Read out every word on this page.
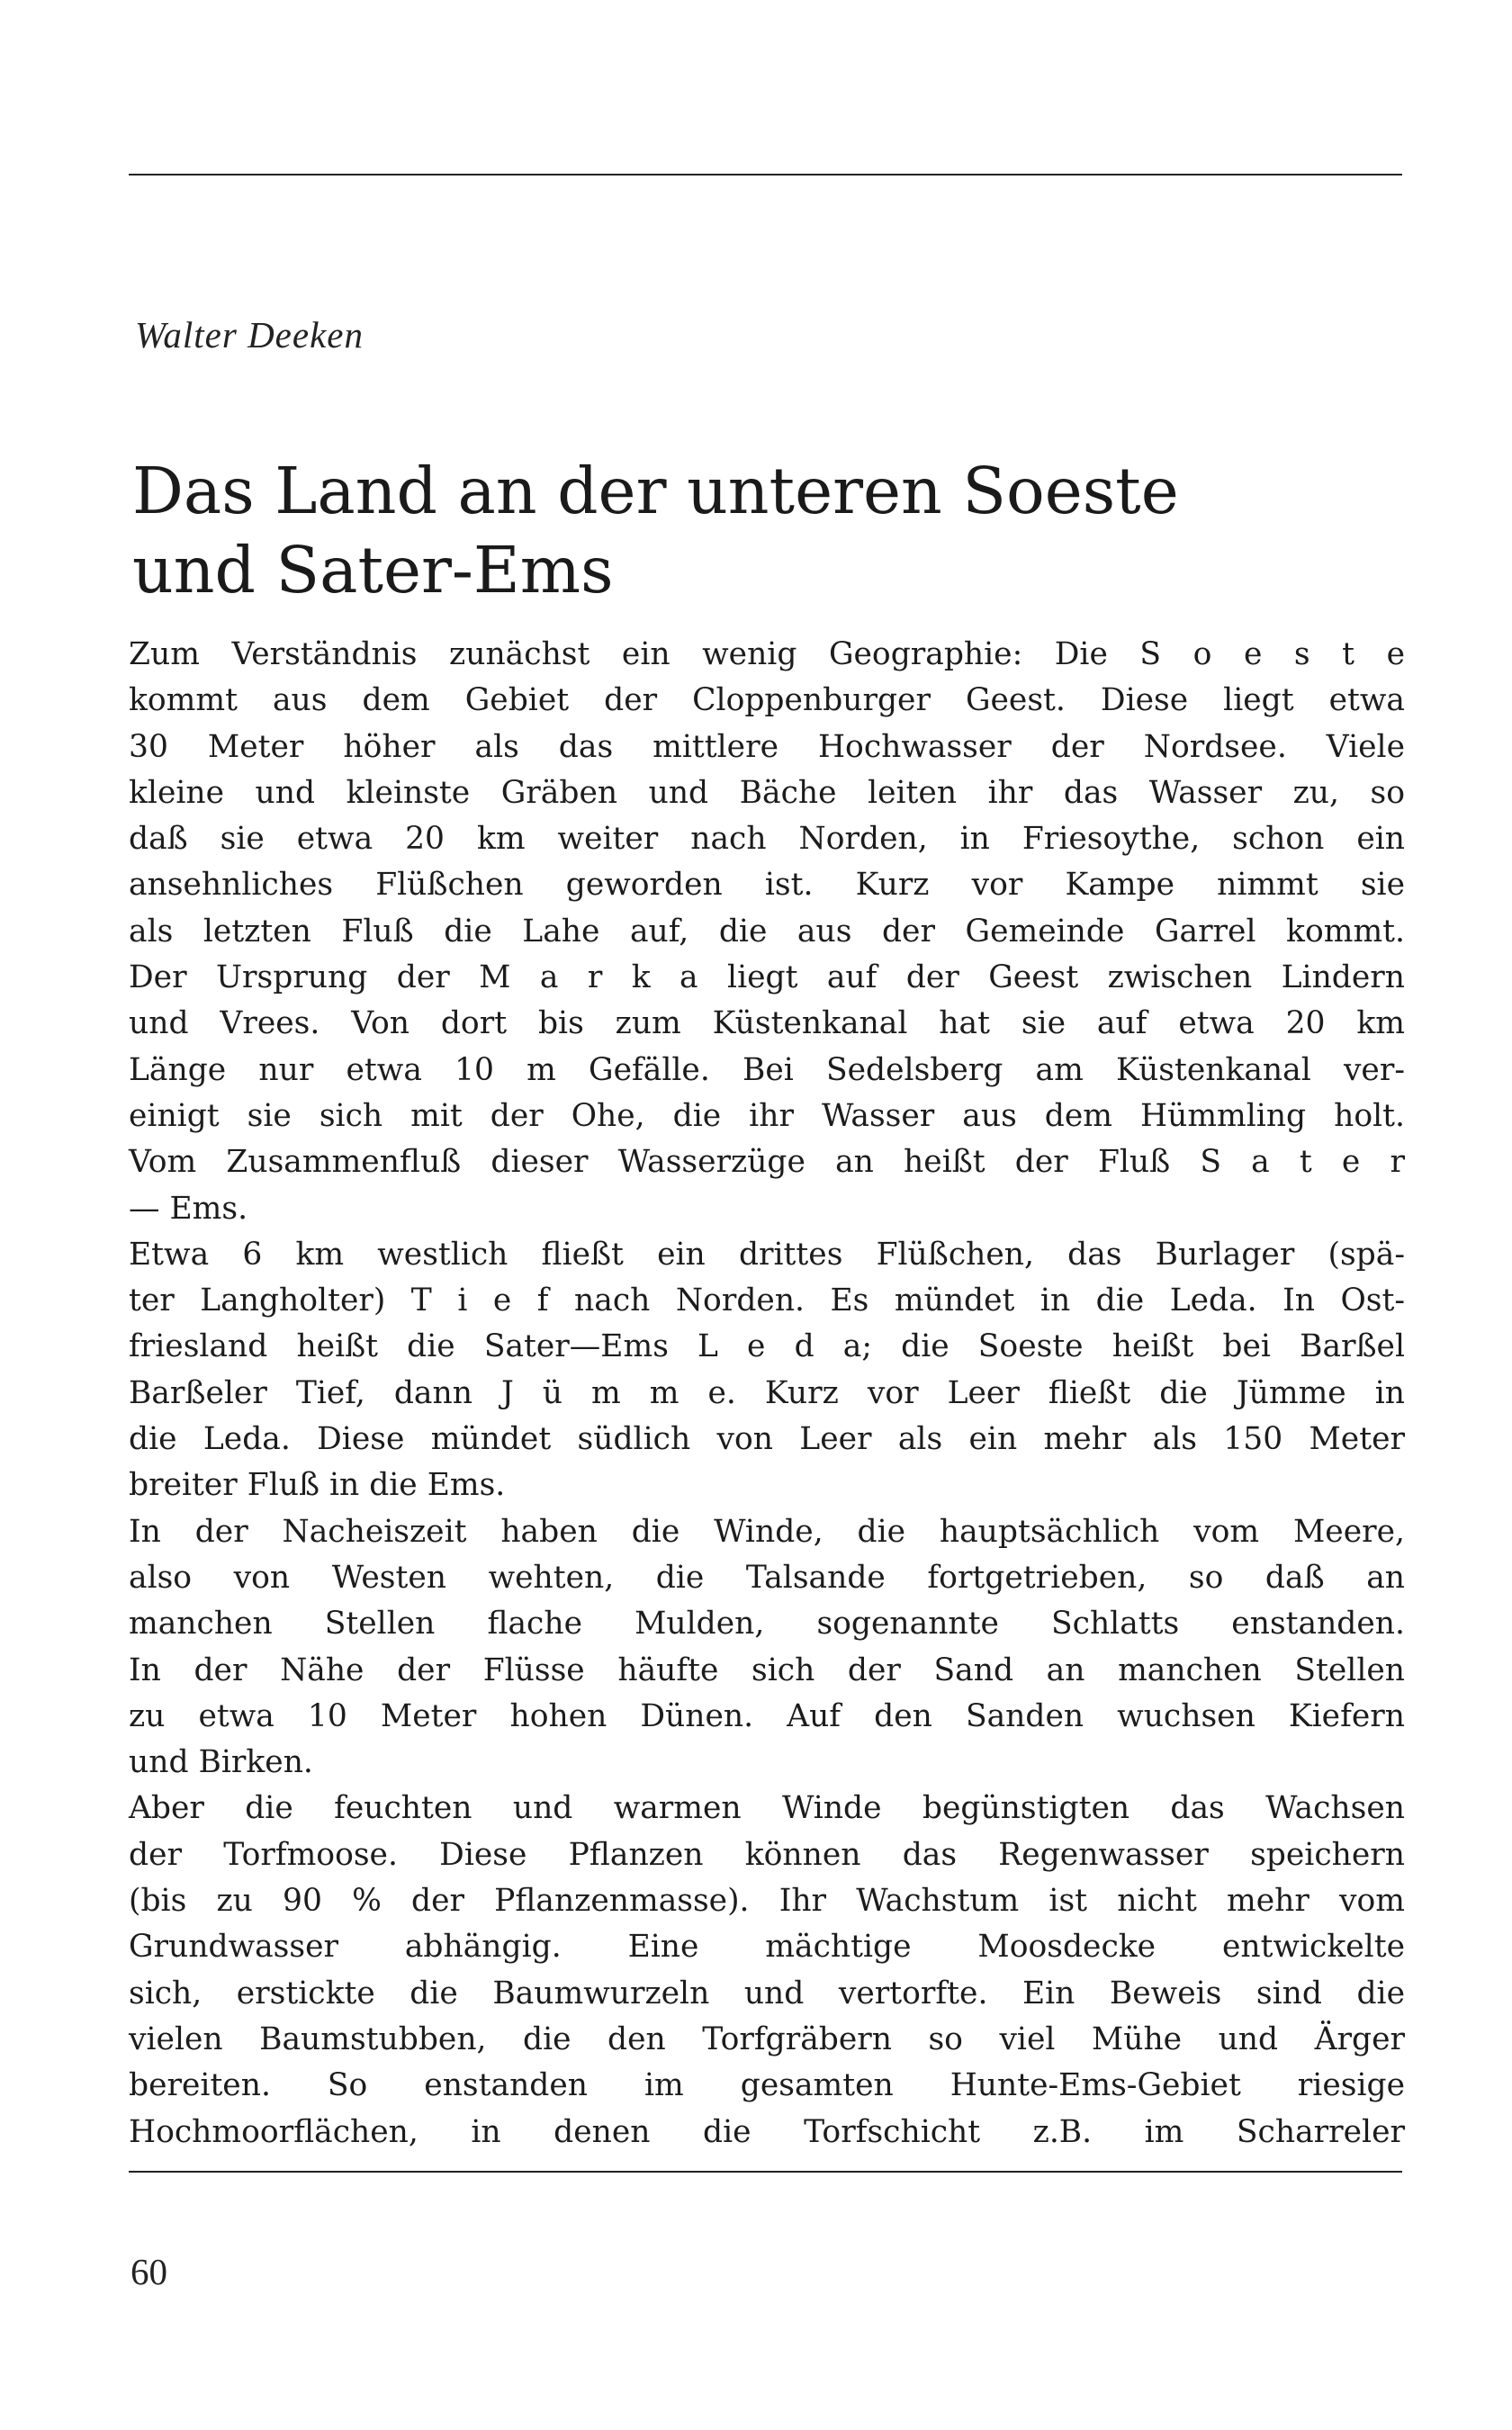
Walter Deeken
Das Land an der unteren Soeste
und Sater-Ems
Zum Verständnis zunächst ein wenig Geographie: Die S o e s t e
kommt aus dem Gebiet der Cloppenburger Geest. Diese liegt etwa
30 Meter höher als das mittlere Hochwasser der Nordsee. Viele
kleine und kleinste Gräben und Bäche leiten ihr das Wasser zu, so
daß sie etwa 20 km weiter nach Norden, in Friesoythe, schon ein
ansehnliches Flüßchen geworden ist. Kurz vor Kampe nimmt sie
als letzten Fluß die Lahe auf, die aus der Gemeinde Garrel kommt.
Der Ursprung der M a r k a liegt auf der Geest zwischen Lindern
und Vrees. Von dort bis zum Küstenkanal hat sie auf etwa 20 km
Länge nur etwa 10 m Gefälle. Bei Sedelsberg am Küstenkanal ver-
einigt sie sich mit der Ohe, die ihr Wasser aus dem Hümmling holt.
Vom Zusammenfluß dieser Wasserzüge an heißt der Fluß S a t e r
— Ems.
Etwa 6 km westlich fließt ein drittes Flüßchen, das Burlager (spä-
ter Langholter) T i e f nach Norden. Es mündet in die Leda. In Ost-
friesland heißt die Sater—Ems L e d a; die Soeste heißt bei Barßel
Barßeler Tief, dann J ü m m e. Kurz vor Leer fließt die Jümme in
die Leda. Diese mündet südlich von Leer als ein mehr als 150 Meter
breiter Fluß in die Ems.
In der Nacheiszeit haben die Winde, die hauptsächlich vom Meere,
also von Westen wehten, die Talsande fortgetrieben, so daß an
manchen Stellen flache Mulden, sogenannte Schlatts enstanden.
In der Nähe der Flüsse häufte sich der Sand an manchen Stellen
zu etwa 10 Meter hohen Dünen. Auf den Sanden wuchsen Kiefern
und Birken.
Aber die feuchten und warmen Winde begünstigten das Wachsen
der Torfmoose. Diese Pflanzen können das Regenwasser speichern
(bis zu 90 % der Pflanzenmasse). Ihr Wachstum ist nicht mehr vom
Grundwasser abhängig. Eine mächtige Moosdecke entwickelte
sich, erstickte die Baumwurzeln und vertorfte. Ein Beweis sind die
vielen Baumstubben, die den Torfgräbern so viel Mühe und Ärger
bereiten. So enstanden im gesamten Hunte-Ems-Gebiet riesige
Hochmoorflächen, in denen die Torfschicht z.B. im Scharreler
60
